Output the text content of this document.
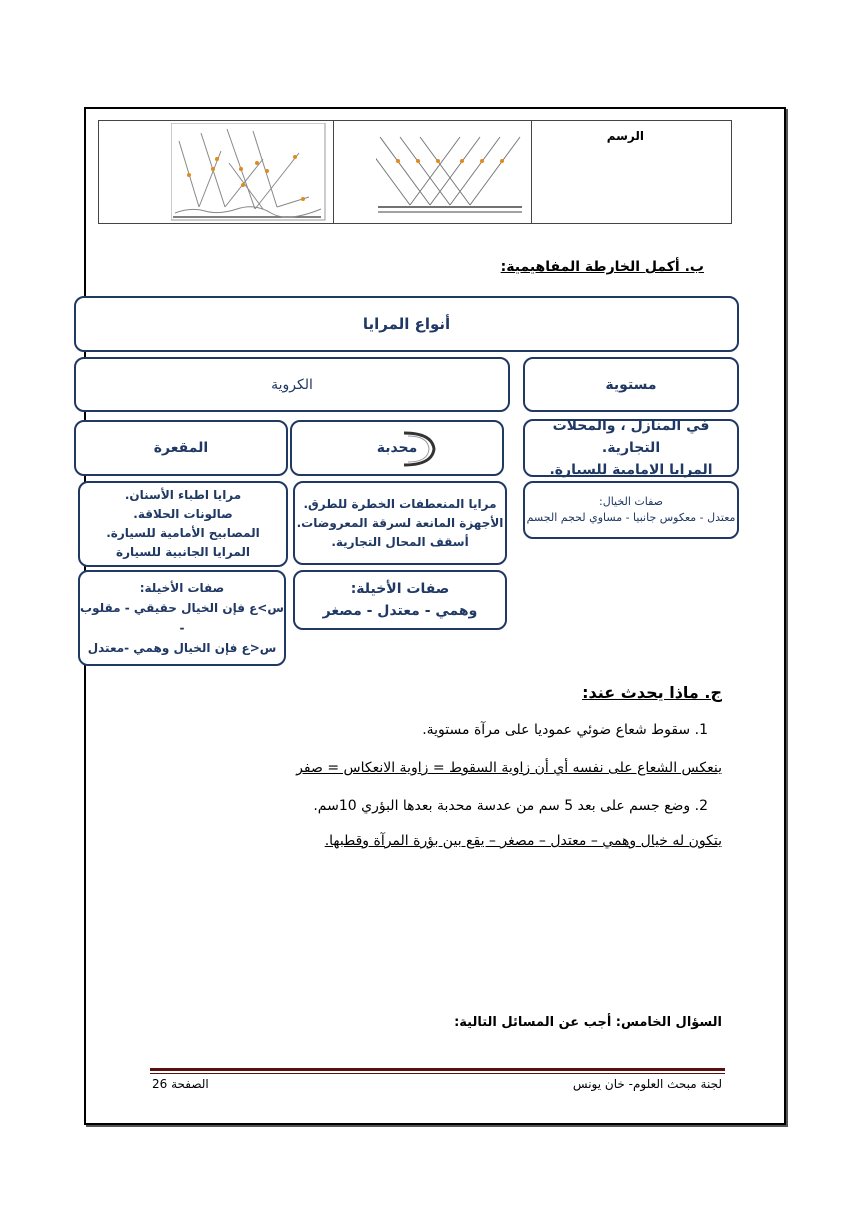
الرسم
ب. أكمل الخارطة المفاهيمية:
أنواع المرايا
مستوية
الكروية
في المنازل ، والمحلات التجارية.
المرايا الامامية للسيارة.
محدبة
المقعرة
صفات الخيال:
معتدل - معكوس جانبيا - مساوي لحجم الجسم
مرايا المنعطفات الخطرة للطرق.
الأجهزة المانعة لسرقة المعروضات.
أسقف المحال التجارية.
مرايا اطباء الأسنان.
صالونات الحلاقة.
المصابيح الأمامية للسيارة.
المرايا الجانبية للسيارة
صفات الأخيلة:
وهمي - معتدل - مصغر
صفات الأخيلة:
س>ع فإن الخيال حقيقي - مقلوب -
س<ع فإن الخيال وهمي -معتدل
ج. ماذا يحدث عند:
1. سقوط شعاع ضوئي عموديا على مرآة مستوية.
ينعكس الشعاع على نفسه أي أن زاوية السقوط = زاوية الانعكاس = صفر
2. وضع جسم على بعد 5 سم من عدسة محدبة بعدها البؤري 10سم.
يتكون له خيال وهمي – معتدل – مصغر – يقع بين بؤرة المرآة وقطبها.
السؤال الخامس: أجب عن المسائل التالية:
لجنة مبحث العلوم- خان يونس
الصفحة 26
